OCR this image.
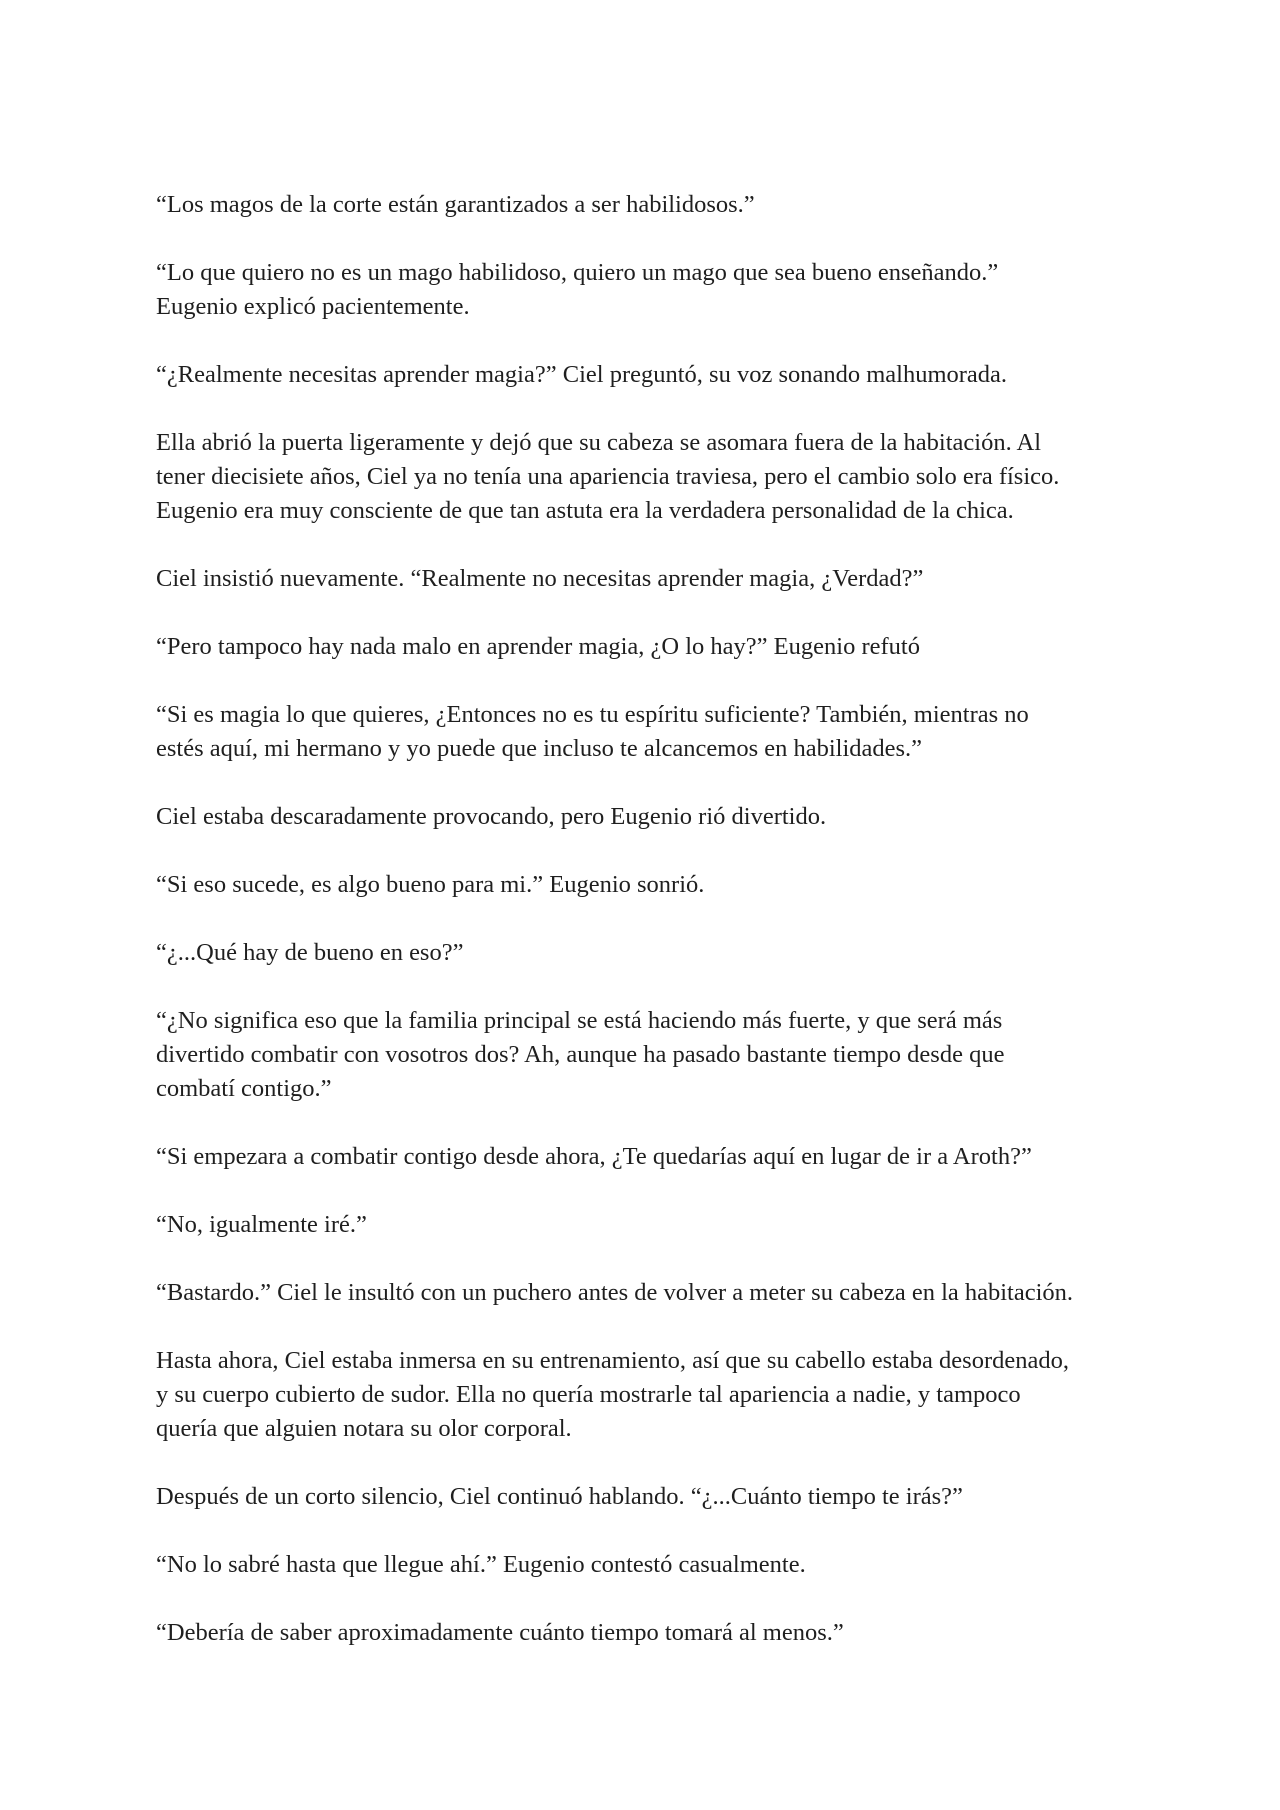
“Los magos de la corte están garantizados a ser habilidosos.”

“Lo que quiero no es un mago habilidoso, quiero un mago que sea bueno enseñando.”
Eugenio explicó pacientemente.

“¿Realmente necesitas aprender magia?” Ciel preguntó, su voz sonando malhumorada.

Ella abrió la puerta ligeramente y dejó que su cabeza se asomara fuera de la habitación. Al
tener diecisiete años, Ciel ya no tenía una apariencia traviesa, pero el cambio solo era físico.
Eugenio era muy consciente de que tan astuta era la verdadera personalidad de la chica.

Ciel insistió nuevamente. “Realmente no necesitas aprender magia, ¿Verdad?”

“Pero tampoco hay nada malo en aprender magia, ¿O lo hay?” Eugenio refutó

“Si es magia lo que quieres, ¿Entonces no es tu espíritu suficiente? También, mientras no
estés aquí, mi hermano y yo puede que incluso te alcancemos en habilidades.”

Ciel estaba descaradamente provocando, pero Eugenio rió divertido.

“Si eso sucede, es algo bueno para mi.” Eugenio sonrió.

“¿...Qué hay de bueno en eso?”

“¿No significa eso que la familia principal se está haciendo más fuerte, y que será más
divertido combatir con vosotros dos? Ah, aunque ha pasado bastante tiempo desde que
combatí contigo.”

“Si empezara a combatir contigo desde ahora, ¿Te quedarías aquí en lugar de ir a Aroth?”

“No, igualmente iré.”

“Bastardo.” Ciel le insultó con un puchero antes de volver a meter su cabeza en la habitación.

Hasta ahora, Ciel estaba inmersa en su entrenamiento, así que su cabello estaba desordenado,
y su cuerpo cubierto de sudor. Ella no quería mostrarle tal apariencia a nadie, y tampoco
quería que alguien notara su olor corporal.

Después de un corto silencio, Ciel continuó hablando. “¿...Cuánto tiempo te irás?”

“No lo sabré hasta que llegue ahí.” Eugenio contestó casualmente.

“Debería de saber aproximadamente cuánto tiempo tomará al menos.”
